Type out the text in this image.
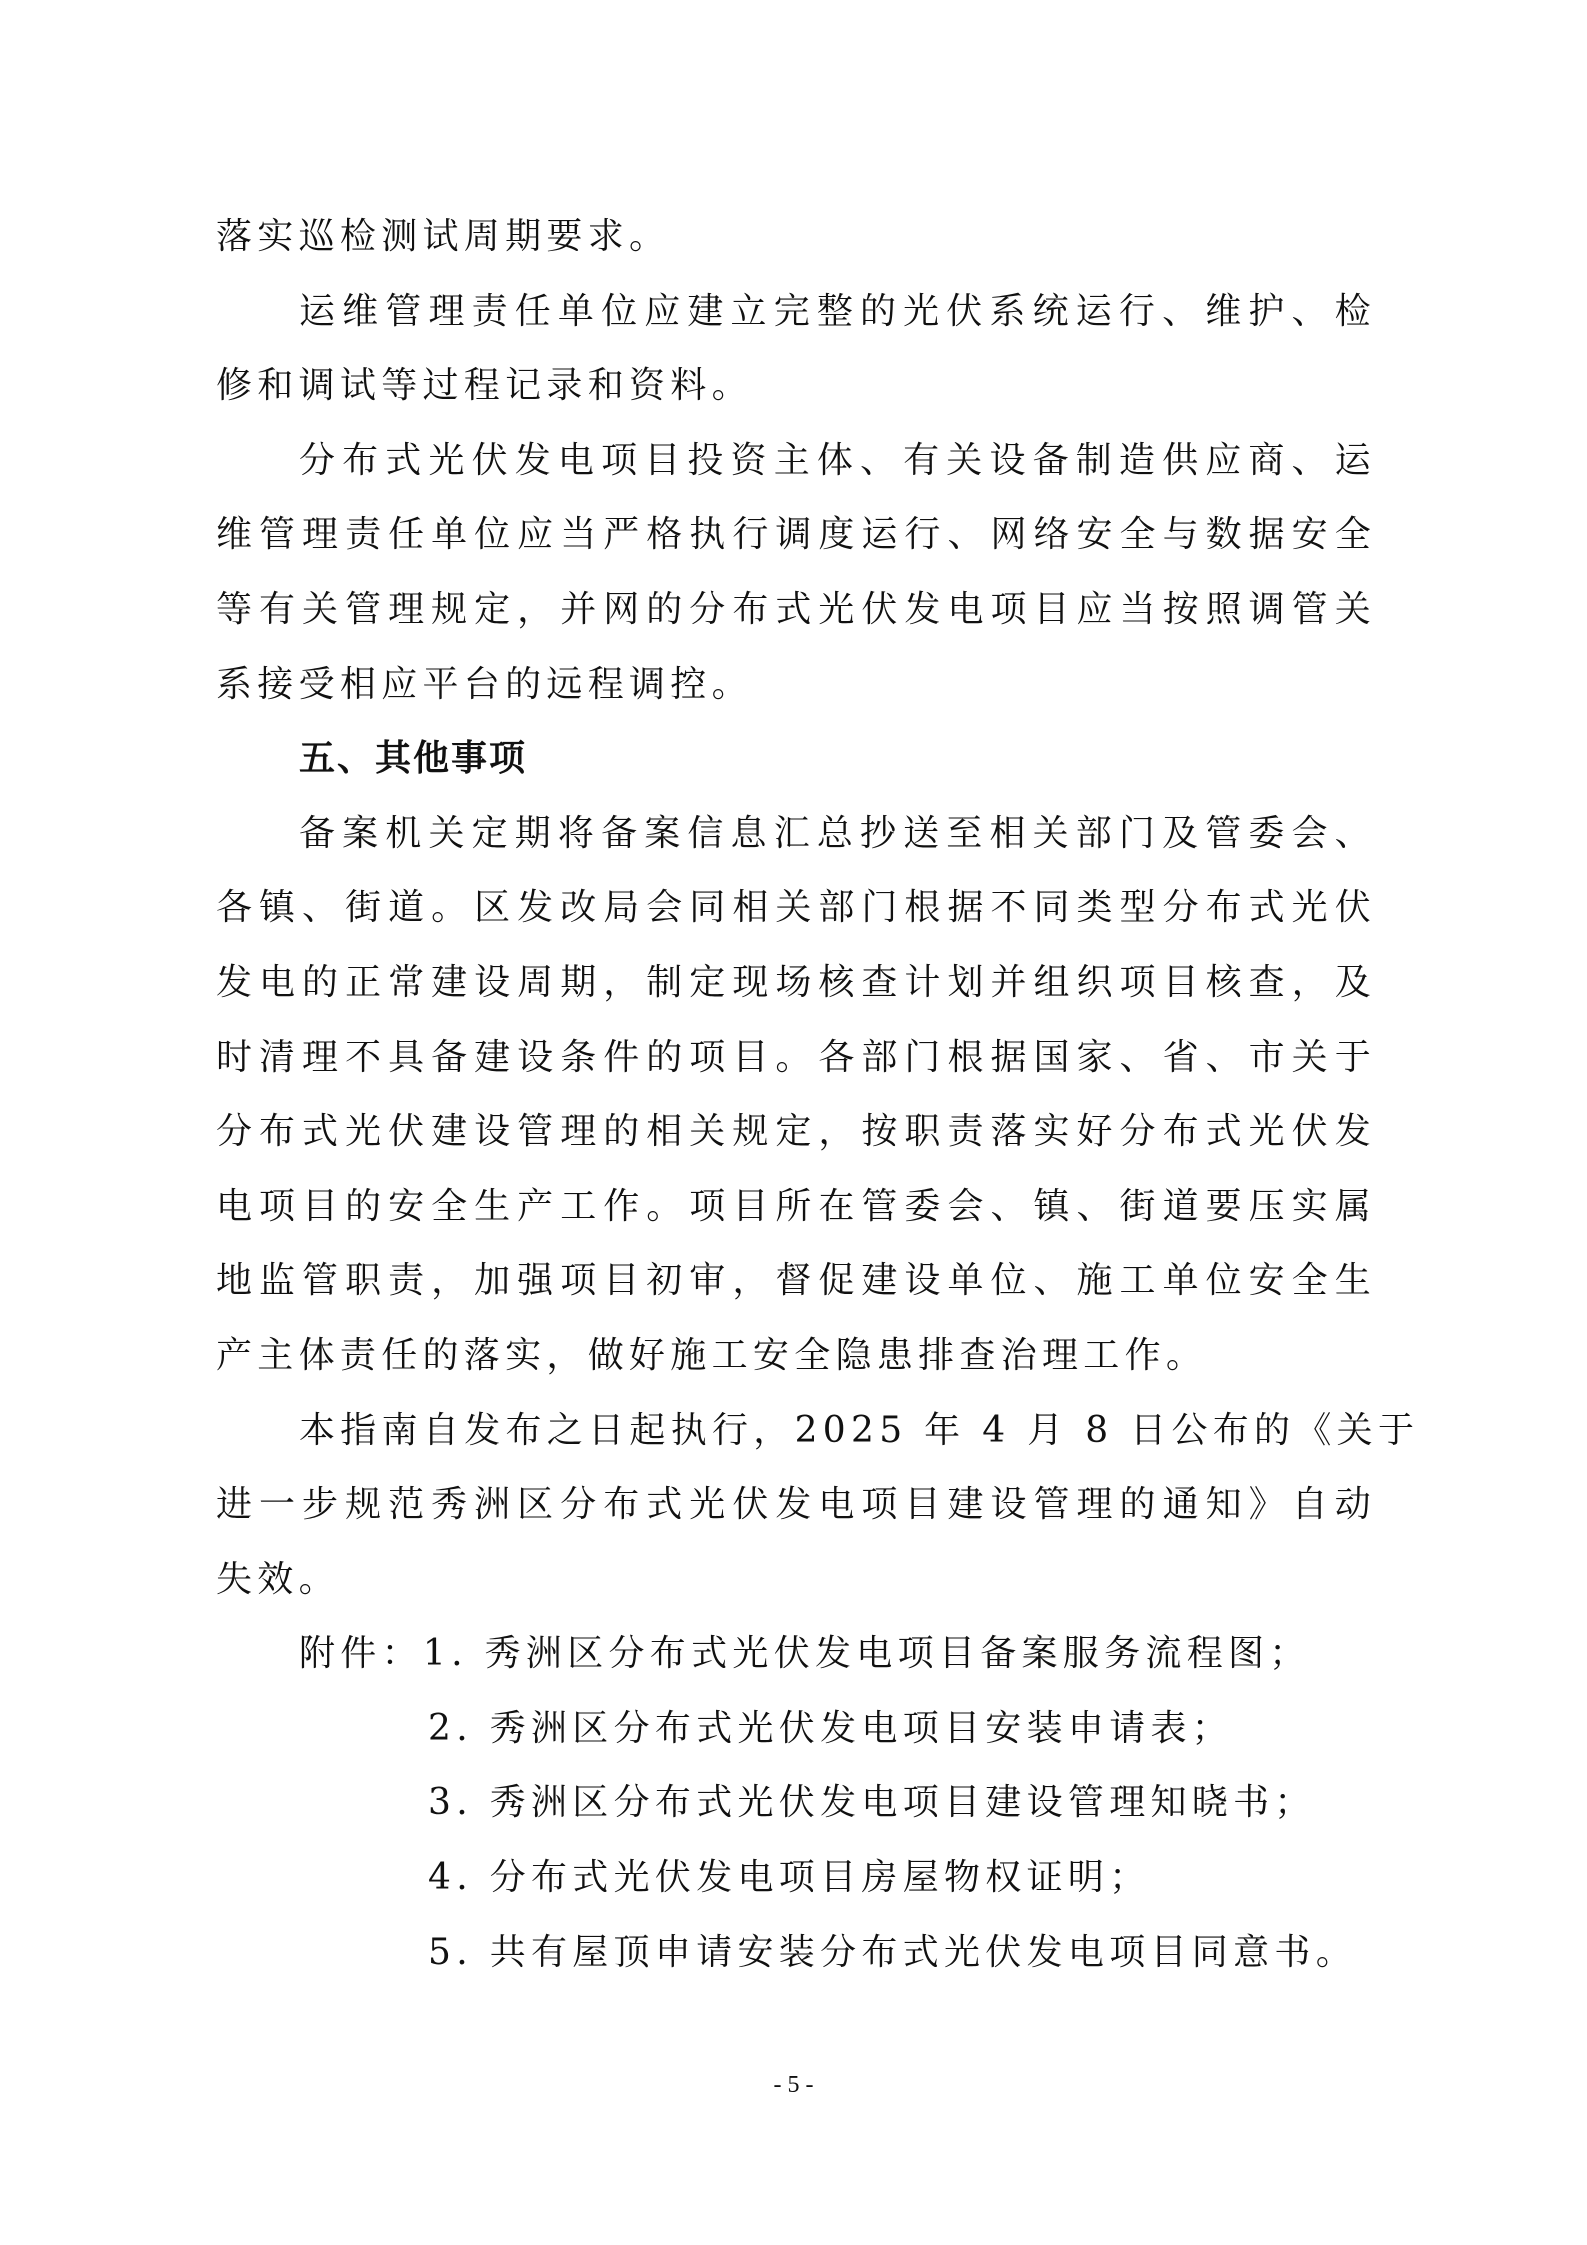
落实巡检测试周期要求。
运维管理责任单位应建立完整的光伏系统运行、维护、检
修和调试等过程记录和资料。
分布式光伏发电项目投资主体、有关设备制造供应商、运
维管理责任单位应当严格执行调度运行、网络安全与数据安全
等有关管理规定，并网的分布式光伏发电项目应当按照调管关
系接受相应平台的远程调控。
五、其他事项
备案机关定期将备案信息汇总抄送至相关部门及管委会、
各镇、街道。区发改局会同相关部门根据不同类型分布式光伏
发电的正常建设周期，制定现场核查计划并组织项目核查，及
时清理不具备建设条件的项目。各部门根据国家、省、市关于
分布式光伏建设管理的相关规定，按职责落实好分布式光伏发
电项目的安全生产工作。项目所在管委会、镇、街道要压实属
地监管职责，加强项目初审，督促建设单位、施工单位安全生
产主体责任的落实，做好施工安全隐患排查治理工作。
本指南自发布之日起执行，2025 年 4 月 8 日公布的《关于
进一步规范秀洲区分布式光伏发电项目建设管理的通知》自动
失效。
附件：1. 秀洲区分布式光伏发电项目备案服务流程图；
2. 秀洲区分布式光伏发电项目安装申请表；
3. 秀洲区分布式光伏发电项目建设管理知晓书；
4. 分布式光伏发电项目房屋物权证明；
5. 共有屋顶申请安装分布式光伏发电项目同意书。
- 5 -
